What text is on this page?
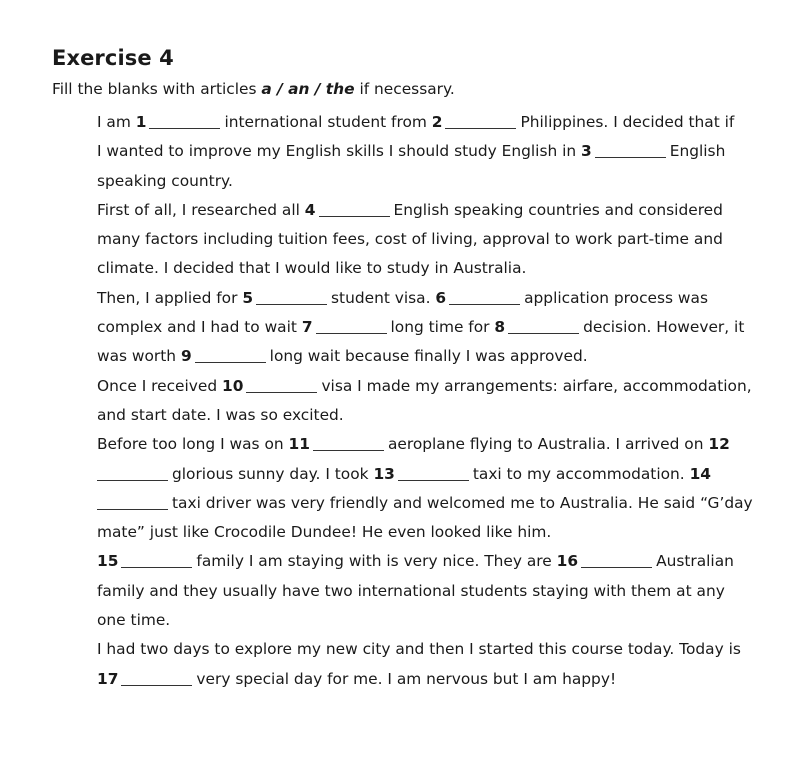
Exercise 4
Fill the blanks with articles a / an / the if necessary.
I am 1	international student from 2	Philippines. I decided that if
I wanted to improve my English skills I should study English in 3	English
speaking country.
First of all, I researched all 4	English speaking countries and considered
many factors including tuition fees, cost of living, approval to work part-time and
climate. I decided that I would like to study in Australia.
Then, I applied for 5	student visa. 6	application process was
complex and I had to wait 7	long time for 8	decision. However, it
was worth 9	long wait because finally I was approved.
Once I received 10	visa I made my arrangements: airfare, accommodation,
and start date. I was so excited.
Before too long I was on 11	aeroplane flying to Australia. I arrived on 12
glorious sunny day. I took 13	taxi to my accommodation. 14
taxi driver was very friendly and welcomed me to Australia. He said “G’day
mate” just like Crocodile Dundee! He even looked like him.
15	family I am staying with is very nice. They are 16	Australian
family and they usually have two international students staying with them at any
one time.
I had two days to explore my new city and then I started this course today. Today is
17	very special day for me. I am nervous but I am happy!
